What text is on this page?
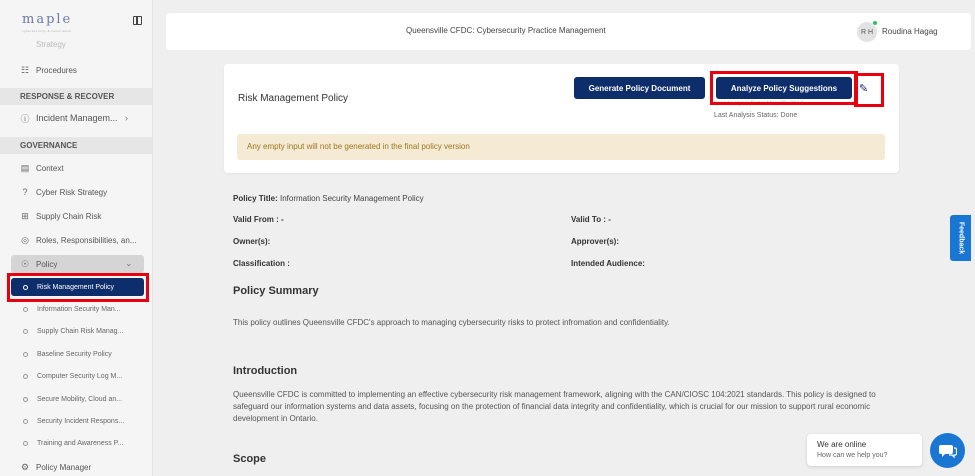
maple
cybersecurity & compliance
Strategy
☷ Procedures
RESPONSE & RECOVER
ⓘ Incident Managem... ›
GOVERNANCE
▤ Context
?	Cyber Risk Strategy
⊞ Supply Chain Risk
◎ Roles, Responsibilities, an...
☉ Policy	⌄
Risk Management Policy
Information Security Man...
Supply Chain Risk Manag...
Baseline Security Policy
Computer Security Log M...
Secure Mobility, Cloud an...
Security Incident Respons...
Training and Awareness P...
⚙ Policy Manager
Queensville CFDC: Cybersecurity Practice Management	R H	Roudina Hagag
Risk Management Policy
Generate Policy Document	Analyze Policy Suggestions
Last Analysis Date: May 29, 2024
Last Analysis Status: Done
✎
Any empty input will not be generated in the final policy version
Policy Title: Information Security Management Policy
Valid From : -	Valid To : -
Owner(s):	Approver(s):
Classification :	Intended Audience:
Policy Summary
This policy outlines Queensville CFDC's approach to managing cybersecurity risks to protect infromation and confidentiality.
Introduction
Queensville CFDC is committed to implementing an effective cybersecurity risk management framework, aligning with the CAN/CIOSC 104:2021 standards. This policy is designed to safeguard our information systems and data assets, focusing on the protection of financial data integrity and confidentiality, which is crucial for our mission to support rural economic development in Ontario.
Scope
Feedback
We are online
How can we help you?
